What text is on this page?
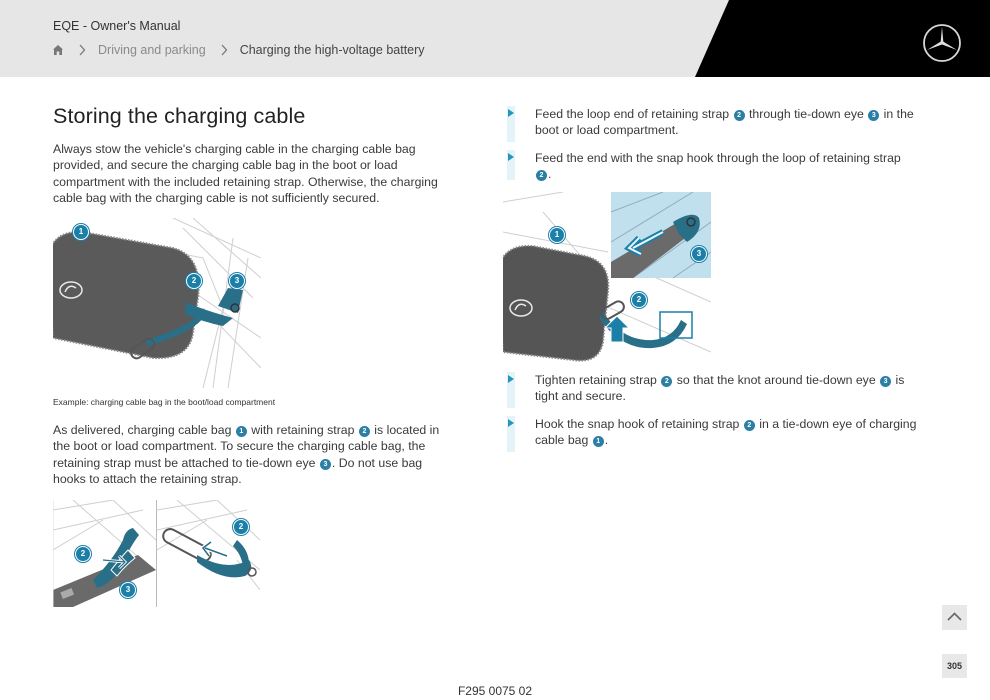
EQE - Owner's Manual
Driving and parking	Charging the high-voltage battery
Storing the charging cable

Always stow the vehicle's charging cable in the charging cable bag provided, and secure the charging cable bag in the boot or load compartment with the included retaining strap. Otherwise, the charging cable bag with the charging cable is not sufficiently secured.

1
2	3
Example: charging cable bag in the boot/load compartment

As delivered, charging cable bag 1 with retaining strap 2 is located in the boot or load compartment. To secure the charging cable bag, the retaining strap must be attached to tie-down eye 3 . Do not use bag hooks to attach the retaining strap.

2
3
2
Feed the loop end of retaining strap 2 through tie-down eye 3 in the boot or load compartment.
Feed the end with the snap hook through the loop of retaining strap 2 .
1
2
3
Tighten retaining strap 2 so that the knot around tie-down eye 3 is tight and secure.
Hook the snap hook of retaining strap 2 in a tie-down eye of charging cable bag 1 .
305
F295 0075 02
